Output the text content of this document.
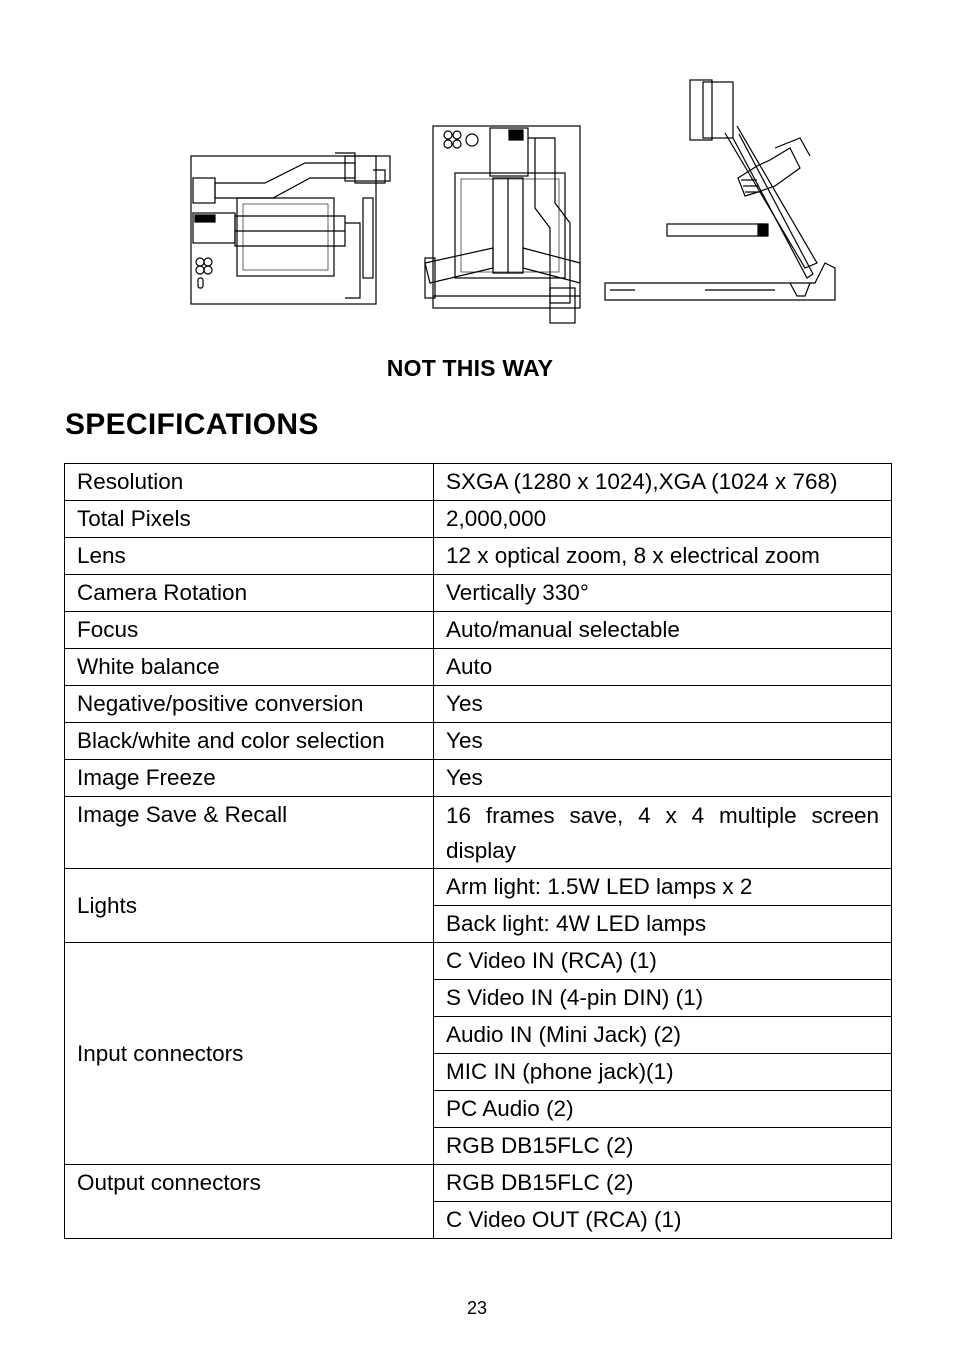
NOT THIS WAY
SPECIFICATIONS
Resolution	SXGA (1280 x 1024),XGA (1024 x 768)
Total Pixels	2,000,000
Lens	12 x optical zoom, 8 x electrical zoom
Camera Rotation	Vertically 330°
Focus	Auto/manual selectable
White balance	Auto
Negative/positive conversion	Yes
Black/white and color selection	Yes
Image Freeze	Yes
Image Save & Recall	16 frames save, 4 x 4 multiple screen display
Lights	Arm light: 1.5W LED lamps x 2
	Back light: 4W LED lamps
Input connectors	C Video IN (RCA) (1)
	S Video IN (4-pin DIN) (1)
	Audio IN (Mini Jack) (2)
	MIC IN (phone jack)(1)
	PC Audio (2)
	RGB DB15FLC (2)
Output connectors	RGB DB15FLC (2)
	C Video OUT (RCA) (1)
23
